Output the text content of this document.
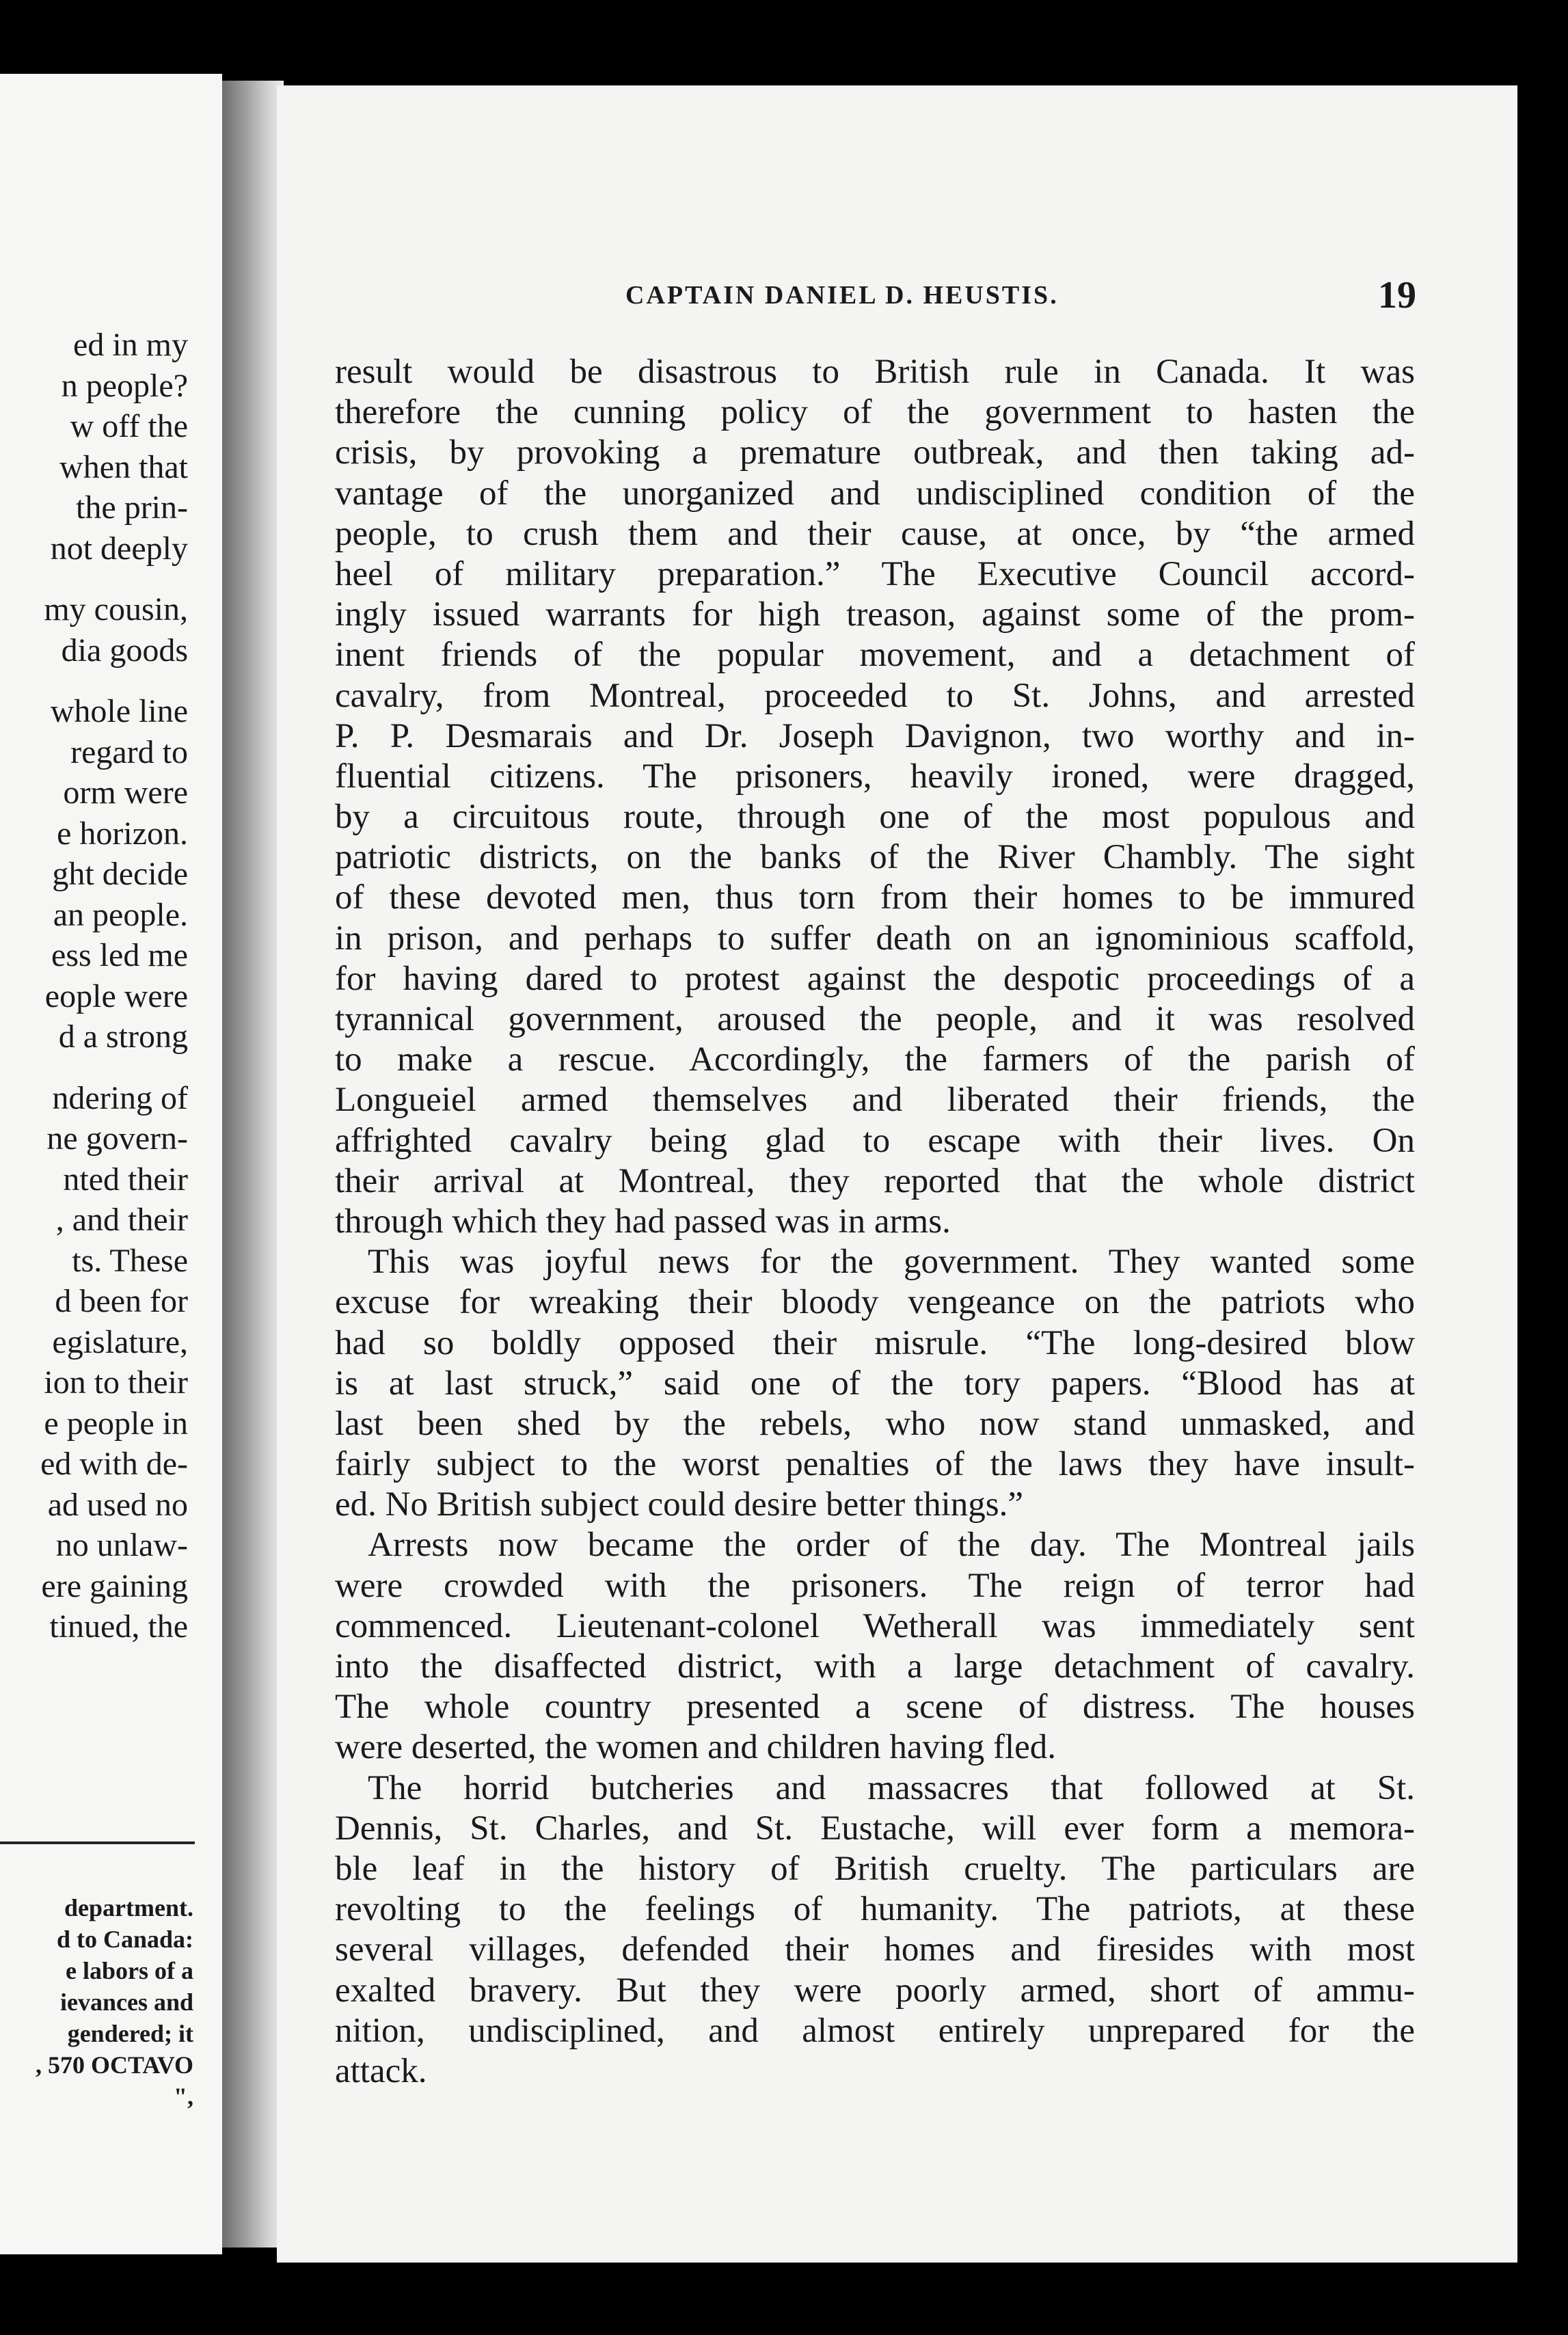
ed in my
n people?
w off the
when that
the prin-
not deeply
my cousin,
dia goods
whole line
regard to
orm were
e horizon.
ght decide
an people.
ess led me
eople were
d a strong
ndering of
ne govern-
nted their
, and their
ts. These
d been for
egislature,
ion to their
e people in
ed with de-
ad used no
no unlaw-
ere gaining
tinued, the
department.
d to Canada:
e labors of a
ievances and
gendered; it
, 570 OCTAVO
",
CAPTAIN DANIEL D. HEUSTIS.	19
result would be disastrous to British rule in Canada. It was
therefore the cunning policy of the government to hasten the
crisis, by provoking a premature outbreak, and then taking ad-
vantage of the unorganized and undisciplined condition of the
people, to crush them and their cause, at once, by “the armed
heel of military preparation.” The Executive Council accord-
ingly issued warrants for high treason, against some of the prom-
inent friends of the popular movement, and a detachment of
cavalry, from Montreal, proceeded to St. Johns, and arrested
P. P. Desmarais and Dr. Joseph Davignon, two worthy and in-
fluential citizens. The prisoners, heavily ironed, were dragged,
by a circuitous route, through one of the most populous and
patriotic districts, on the banks of the River Chambly. The sight
of these devoted men, thus torn from their homes to be immured
in prison, and perhaps to suffer death on an ignominious scaffold,
for having dared to protest against the despotic proceedings of a
tyrannical government, aroused the people, and it was resolved
to make a rescue. Accordingly, the farmers of the parish of
Longueiel armed themselves and liberated their friends, the
affrighted cavalry being glad to escape with their lives. On
their arrival at Montreal, they reported that the whole district
through which they had passed was in arms.
This was joyful news for the government. They wanted some
excuse for wreaking their bloody vengeance on the patriots who
had so boldly opposed their misrule. “The long-desired blow
is at last struck,” said one of the tory papers. “Blood has at
last been shed by the rebels, who now stand unmasked, and
fairly subject to the worst penalties of the laws they have insult-
ed. No British subject could desire better things.”
Arrests now became the order of the day. The Montreal jails
were crowded with the prisoners. The reign of terror had
commenced. Lieutenant-colonel Wetherall was immediately sent
into the disaffected district, with a large detachment of cavalry.
The whole country presented a scene of distress. The houses
were deserted, the women and children having fled.
The horrid butcheries and massacres that followed at St.
Dennis, St. Charles, and St. Eustache, will ever form a memora-
ble leaf in the history of British cruelty. The particulars are
revolting to the feelings of humanity. The patriots, at these
several villages, defended their homes and firesides with most
exalted bravery. But they were poorly armed, short of ammu-
nition, undisciplined, and almost entirely unprepared for the
attack.
